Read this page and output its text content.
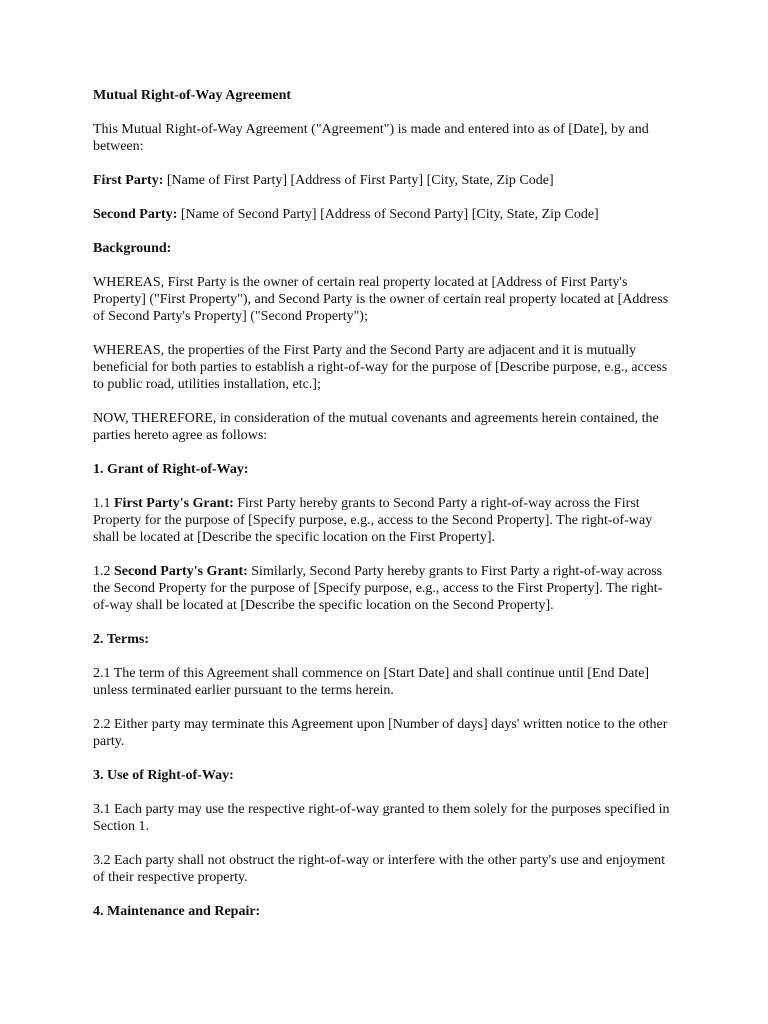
Mutual Right-of-Way Agreement

This Mutual Right-of-Way Agreement ("Agreement") is made and entered into as of [Date], by and between:

First Party: [Name of First Party] [Address of First Party] [City, State, Zip Code]

Second Party: [Name of Second Party] [Address of Second Party] [City, State, Zip Code]

Background:

WHEREAS, First Party is the owner of certain real property located at [Address of First Party's Property] ("First Property"), and Second Party is the owner of certain real property located at [Address of Second Party's Property] ("Second Property");

WHEREAS, the properties of the First Party and the Second Party are adjacent and it is mutually beneficial for both parties to establish a right-of-way for the purpose of [Describe purpose, e.g., access to public road, utilities installation, etc.];

NOW, THEREFORE, in consideration of the mutual covenants and agreements herein contained, the parties hereto agree as follows:

1. Grant of Right-of-Way:

1.1 First Party's Grant: First Party hereby grants to Second Party a right-of-way across the First Property for the purpose of [Specify purpose, e.g., access to the Second Property]. The right-of-way shall be located at [Describe the specific location on the First Property].

1.2 Second Party's Grant: Similarly, Second Party hereby grants to First Party a right-of-way across the Second Property for the purpose of [Specify purpose, e.g., access to the First Property]. The right-of-way shall be located at [Describe the specific location on the Second Property].

2. Terms:

2.1 The term of this Agreement shall commence on [Start Date] and shall continue until [End Date] unless terminated earlier pursuant to the terms herein.

2.2 Either party may terminate this Agreement upon [Number of days] days' written notice to the other party.

3. Use of Right-of-Way:

3.1 Each party may use the respective right-of-way granted to them solely for the purposes specified in Section 1.

3.2 Each party shall not obstruct the right-of-way or interfere with the other party's use and enjoyment of their respective property.

4. Maintenance and Repair:
